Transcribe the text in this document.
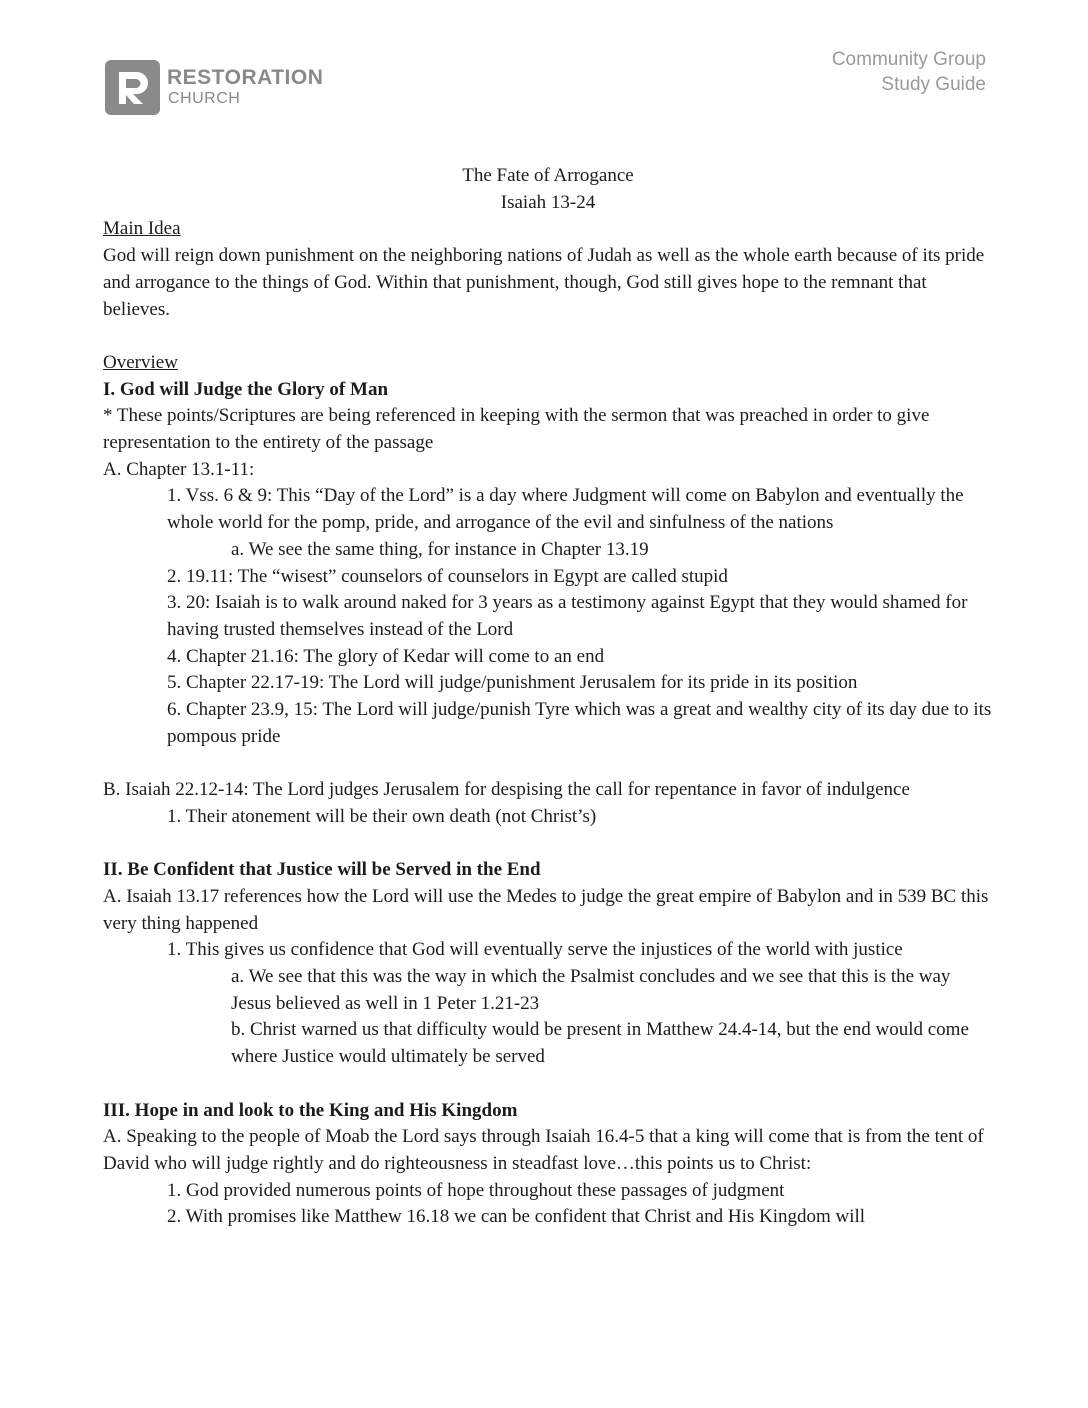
RESTORATION
CHURCH
Community Group
Study Guide

The Fate of Arrogance

Isaiah 13-24

Main Idea

God will reign down punishment on the neighboring nations of Judah as well as the whole earth because of its pride and arrogance to the things of God. Within that punishment, though, God still gives hope to the remnant that believes.

Overview

I. God will Judge the Glory of Man

* These points/Scriptures are being referenced in keeping with the sermon that was preached in order to give representation to the entirety of the passage

A. Chapter 13.1-11:

1. Vss. 6 & 9: This “Day of the Lord” is a day where Judgment will come on Babylon and eventually the whole world for the pomp, pride, and arrogance of the evil and sinfulness of the nations

a. We see the same thing, for instance in Chapter 13.19

2. 19.11: The “wisest” counselors of counselors in Egypt are called stupid

3. 20: Isaiah is to walk around naked for 3 years as a testimony against Egypt that they would shamed for having trusted themselves instead of the Lord

4. Chapter 21.16: The glory of Kedar will come to an end

5. Chapter 22.17-19: The Lord will judge/punishment Jerusalem for its pride in its position

6. Chapter 23.9, 15: The Lord will judge/punish Tyre which was a great and wealthy city of its day due to its pompous pride

B. Isaiah 22.12-14: The Lord judges Jerusalem for despising the call for repentance in favor of indulgence

1. Their atonement will be their own death (not Christ’s)

II. Be Confident that Justice will be Served in the End

A. Isaiah 13.17 references how the Lord will use the Medes to judge the great empire of Babylon and in 539 BC this very thing happened

1. This gives us confidence that God will eventually serve the injustices of the world with justice

a. We see that this was the way in which the Psalmist concludes and we see that this is the way Jesus believed as well in 1 Peter 1.21-23

b. Christ warned us that difficulty would be present in Matthew 24.4-14, but the end would come where Justice would ultimately be served

III. Hope in and look to the King and His Kingdom

A. Speaking to the people of Moab the Lord says through Isaiah 16.4-5 that a king will come that is from the tent of David who will judge rightly and do righteousness in steadfast love…this points us to Christ:

1. God provided numerous points of hope throughout these passages of judgment

2. With promises like Matthew 16.18 we can be confident that Christ and His Kingdom will
